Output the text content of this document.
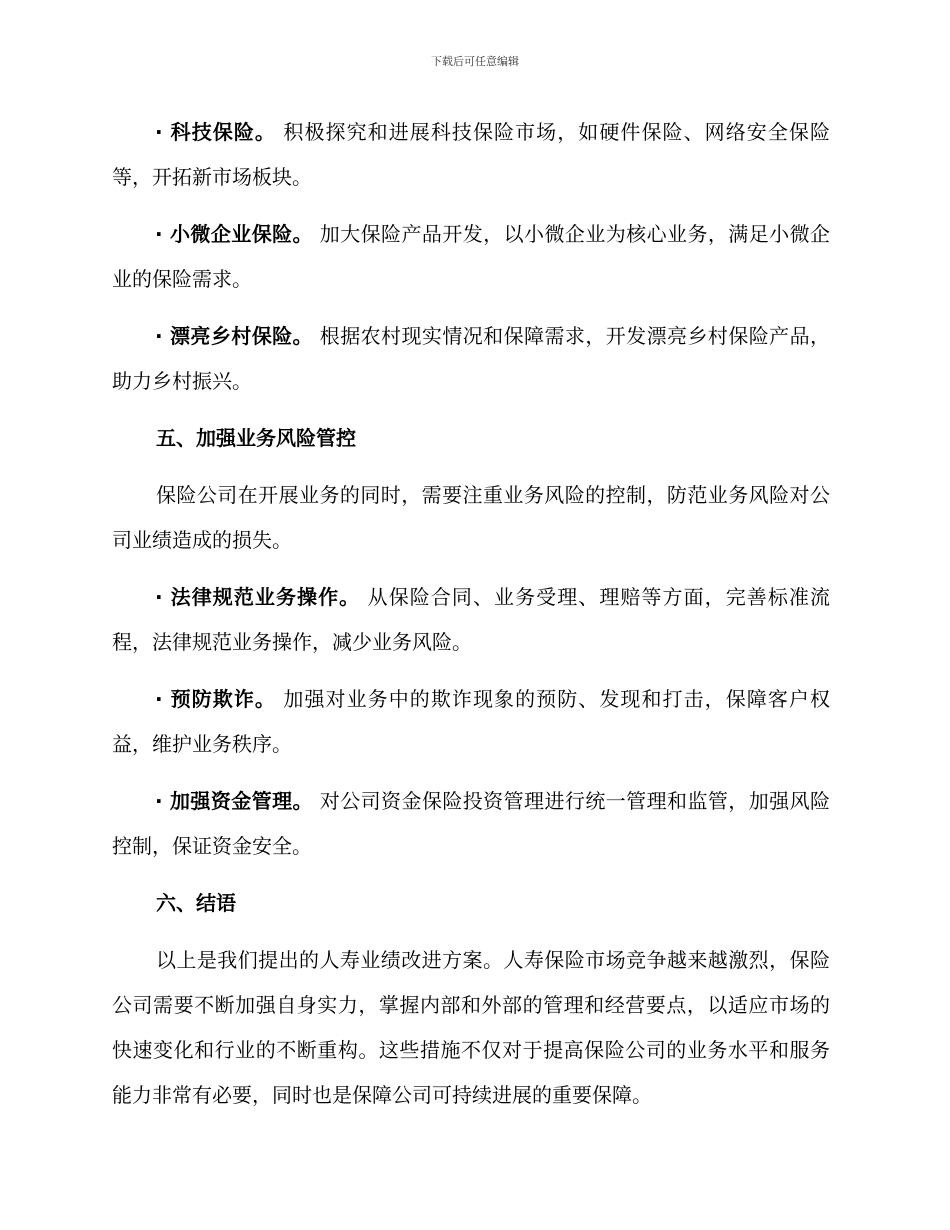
下载后可任意编辑

· 科技保险。 积极探究和进展科技保险市场，如硬件保险、网络安全保险等，开拓新市场板块。

· 小微企业保险。 加大保险产品开发，以小微企业为核心业务，满足小微企业的保险需求。

· 漂亮乡村保险。 根据农村现实情况和保障需求，开发漂亮乡村保险产品，助力乡村振兴。

五、加强业务风险管控

保险公司在开展业务的同时，需要注重业务风险的控制，防范业务风险对公司业绩造成的损失。

· 法律规范业务操作。 从保险合同、业务受理、理赔等方面，完善标准流程，法律规范业务操作，减少业务风险。

· 预防欺诈。 加强对业务中的欺诈现象的预防、发现和打击，保障客户权益，维护业务秩序。

· 加强资金管理。 对公司资金保险投资管理进行统一管理和监管，加强风险控制，保证资金安全。

六、结语

以上是我们提出的人寿业绩改进方案。人寿保险市场竞争越来越激烈，保险公司需要不断加强自身实力，掌握内部和外部的管理和经营要点，以适应市场的快速变化和行业的不断重构。这些措施不仅对于提高保险公司的业务水平和服务能力非常有必要，同时也是保障公司可持续进展的重要保障。
